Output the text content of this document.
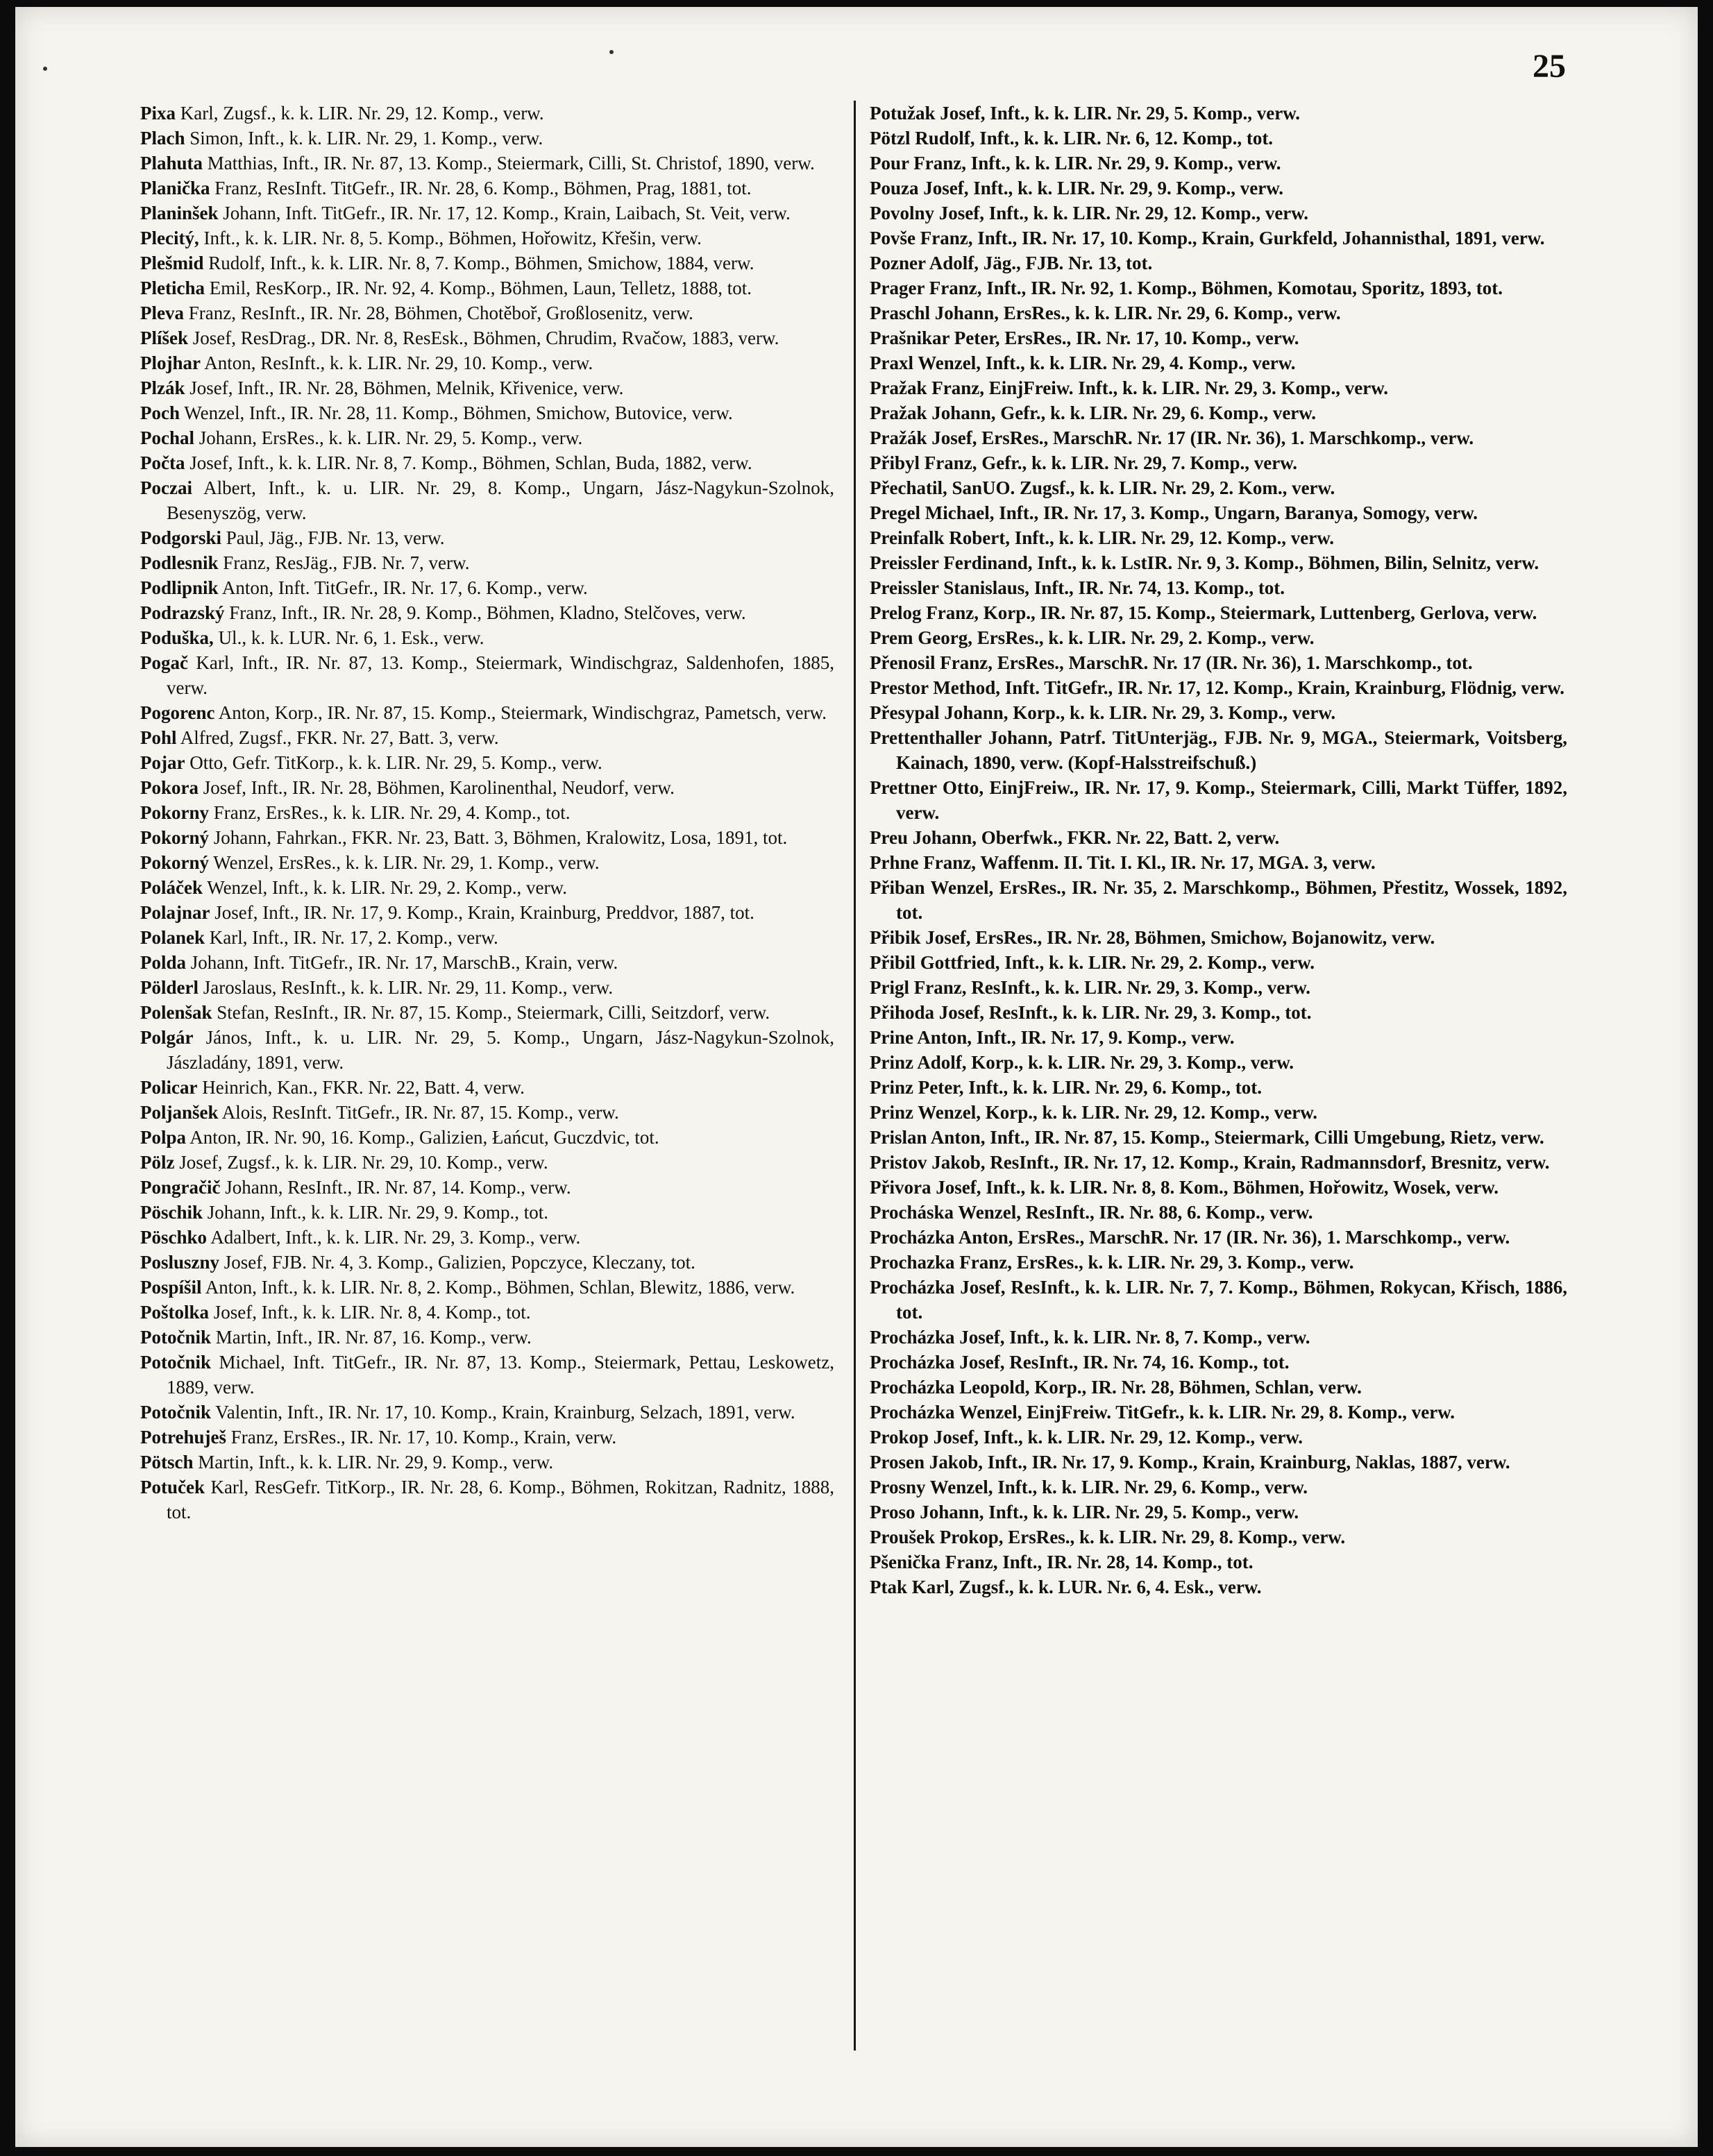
25

Pixa Karl, Zugsf., k. k. LIR. Nr. 29, 12. Komp., verw.

Plach Simon, Inft., k. k. LIR. Nr. 29, 1. Komp., verw.

Plahuta Matthias, Inft., IR. Nr. 87, 13. Komp., Steiermark, Cilli, St. Christof, 1890, verw.

Planička Franz, ResInft. TitGefr., IR. Nr. 28, 6. Komp., Böhmen, Prag, 1881, tot.

Planinšek Johann, Inft. TitGefr., IR. Nr. 17, 12. Komp., Krain, Laibach, St. Veit, verw.

Plecitý, Inft., k. k. LIR. Nr. 8, 5. Komp., Böhmen, Hořowitz, Křešin, verw.

Plešmid Rudolf, Inft., k. k. LIR. Nr. 8, 7. Komp., Böhmen, Smichow, 1884, verw.

Pleticha Emil, ResKorp., IR. Nr. 92, 4. Komp., Böhmen, Laun, Telletz, 1888, tot.

Pleva Franz, ResInft., IR. Nr. 28, Böhmen, Chotěboř, Großlosenitz, verw.

Plíšek Josef, ResDrag., DR. Nr. 8, ResEsk., Böhmen, Chrudim, Rvačow, 1883, verw.

Plojhar Anton, ResInft., k. k. LIR. Nr. 29, 10. Komp., verw.

Plzák Josef, Inft., IR. Nr. 28, Böhmen, Melnik, Křivenice, verw.

Poch Wenzel, Inft., IR. Nr. 28, 11. Komp., Böhmen, Smichow, Butovice, verw.

Pochal Johann, ErsRes., k. k. LIR. Nr. 29, 5. Komp., verw.

Počta Josef, Inft., k. k. LIR. Nr. 8, 7. Komp., Böhmen, Schlan, Buda, 1882, verw.

Poczai Albert, Inft., k. u. LIR. Nr. 29, 8. Komp., Ungarn, Jász-Nagykun-Szolnok, Besenyszög, verw.

Podgorski Paul, Jäg., FJB. Nr. 13, verw.

Podlesnik Franz, ResJäg., FJB. Nr. 7, verw.

Podlipnik Anton, Inft. TitGefr., IR. Nr. 17, 6. Komp., verw.

Podrazský Franz, Inft., IR. Nr. 28, 9. Komp., Böhmen, Kladno, Stelčoves, verw.

Poduška, Ul., k. k. LUR. Nr. 6, 1. Esk., verw.

Pogač Karl, Inft., IR. Nr. 87, 13. Komp., Steiermark, Windischgraz, Saldenhofen, 1885, verw.

Pogorenc Anton, Korp., IR. Nr. 87, 15. Komp., Steiermark, Windischgraz, Pametsch, verw.

Pohl Alfred, Zugsf., FKR. Nr. 27, Batt. 3, verw.

Pojar Otto, Gefr. TitKorp., k. k. LIR. Nr. 29, 5. Komp., verw.

Pokora Josef, Inft., IR. Nr. 28, Böhmen, Karolinenthal, Neudorf, verw.

Pokorny Franz, ErsRes., k. k. LIR. Nr. 29, 4. Komp., tot.

Pokorný Johann, Fahrkan., FKR. Nr. 23, Batt. 3, Böhmen, Kralowitz, Losa, 1891, tot.

Pokorný Wenzel, ErsRes., k. k. LIR. Nr. 29, 1. Komp., verw.

Poláček Wenzel, Inft., k. k. LIR. Nr. 29, 2. Komp., verw.

Polajnar Josef, Inft., IR. Nr. 17, 9. Komp., Krain, Krainburg, Preddvor, 1887, tot.

Polanek Karl, Inft., IR. Nr. 17, 2. Komp., verw.

Polda Johann, Inft. TitGefr., IR. Nr. 17, MarschB., Krain, verw.

Pölderl Jaroslaus, ResInft., k. k. LIR. Nr. 29, 11. Komp., verw.

Polenšak Stefan, ResInft., IR. Nr. 87, 15. Komp., Steiermark, Cilli, Seitzdorf, verw.

Polgár János, Inft., k. u. LIR. Nr. 29, 5. Komp., Ungarn, Jász-Nagykun-Szolnok, Jászladány, 1891, verw.

Policar Heinrich, Kan., FKR. Nr. 22, Batt. 4, verw.

Poljanšek Alois, ResInft. TitGefr., IR. Nr. 87, 15. Komp., verw.

Polpa Anton, IR. Nr. 90, 16. Komp., Galizien, Łańcut, Guczdvic, tot.

Pölz Josef, Zugsf., k. k. LIR. Nr. 29, 10. Komp., verw.

Pongračič Johann, ResInft., IR. Nr. 87, 14. Komp., verw.

Pöschik Johann, Inft., k. k. LIR. Nr. 29, 9. Komp., tot.

Pöschko Adalbert, Inft., k. k. LIR. Nr. 29, 3. Komp., verw.

Posluszny Josef, FJB. Nr. 4, 3. Komp., Galizien, Popczyce, Kleczany, tot.

Pospíšil Anton, Inft., k. k. LIR. Nr. 8, 2. Komp., Böhmen, Schlan, Blewitz, 1886, verw.

Poštolka Josef, Inft., k. k. LIR. Nr. 8, 4. Komp., tot.

Potočnik Martin, Inft., IR. Nr. 87, 16. Komp., verw.

Potočnik Michael, Inft. TitGefr., IR. Nr. 87, 13. Komp., Steiermark, Pettau, Leskowetz, 1889, verw.

Potočnik Valentin, Inft., IR. Nr. 17, 10. Komp., Krain, Krainburg, Selzach, 1891, verw.

Potrehuješ Franz, ErsRes., IR. Nr. 17, 10. Komp., Krain, verw.

Pötsch Martin, Inft., k. k. LIR. Nr. 29, 9. Komp., verw.

Potuček Karl, ResGefr. TitKorp., IR. Nr. 28, 6. Komp., Böhmen, Rokitzan, Radnitz, 1888, tot.

Potužak Josef, Inft., k. k. LIR. Nr. 29, 5. Komp., verw.

Pötzl Rudolf, Inft., k. k. LIR. Nr. 6, 12. Komp., tot.

Pour Franz, Inft., k. k. LIR. Nr. 29, 9. Komp., verw.

Pouza Josef, Inft., k. k. LIR. Nr. 29, 9. Komp., verw.

Povolny Josef, Inft., k. k. LIR. Nr. 29, 12. Komp., verw.

Povše Franz, Inft., IR. Nr. 17, 10. Komp., Krain, Gurkfeld, Johannisthal, 1891, verw.

Pozner Adolf, Jäg., FJB. Nr. 13, tot.

Prager Franz, Inft., IR. Nr. 92, 1. Komp., Böhmen, Komotau, Sporitz, 1893, tot.

Praschl Johann, ErsRes., k. k. LIR. Nr. 29, 6. Komp., verw.

Prašnikar Peter, ErsRes., IR. Nr. 17, 10. Komp., verw.

Praxl Wenzel, Inft., k. k. LIR. Nr. 29, 4. Komp., verw.

Pražak Franz, EinjFreiw. Inft., k. k. LIR. Nr. 29, 3. Komp., verw.

Pražak Johann, Gefr., k. k. LIR. Nr. 29, 6. Komp., verw.

Pražák Josef, ErsRes., MarschR. Nr. 17 (IR. Nr. 36), 1. Marschkomp., verw.

Přibyl Franz, Gefr., k. k. LIR. Nr. 29, 7. Komp., verw.

Přechatil, SanUO. Zugsf., k. k. LIR. Nr. 29, 2. Kom., verw.

Pregel Michael, Inft., IR. Nr. 17, 3. Komp., Ungarn, Baranya, Somogy, verw.

Preinfalk Robert, Inft., k. k. LIR. Nr. 29, 12. Komp., verw.

Preissler Ferdinand, Inft., k. k. LstIR. Nr. 9, 3. Komp., Böhmen, Bilin, Selnitz, verw.

Preissler Stanislaus, Inft., IR. Nr. 74, 13. Komp., tot.

Prelog Franz, Korp., IR. Nr. 87, 15. Komp., Steiermark, Luttenberg, Gerlova, verw.

Prem Georg, ErsRes., k. k. LIR. Nr. 29, 2. Komp., verw.

Přenosil Franz, ErsRes., MarschR. Nr. 17 (IR. Nr. 36), 1. Marschkomp., tot.

Prestor Method, Inft. TitGefr., IR. Nr. 17, 12. Komp., Krain, Krainburg, Flödnig, verw.

Přesypal Johann, Korp., k. k. LIR. Nr. 29, 3. Komp., verw.

Prettenthaller Johann, Patrf. TitUnterjäg., FJB. Nr. 9, MGA., Steiermark, Voitsberg, Kainach, 1890, verw. (Kopf-Halsstreifschuß.)

Prettner Otto, EinjFreiw., IR. Nr. 17, 9. Komp., Steiermark, Cilli, Markt Tüffer, 1892, verw.

Preu Johann, Oberfwk., FKR. Nr. 22, Batt. 2, verw.

Prhne Franz, Waffenm. II. Tit. I. Kl., IR. Nr. 17, MGA. 3, verw.

Přiban Wenzel, ErsRes., IR. Nr. 35, 2. Marschkomp., Böhmen, Přestitz, Wossek, 1892, tot.

Přibik Josef, ErsRes., IR. Nr. 28, Böhmen, Smichow, Bojanowitz, verw.

Přibil Gottfried, Inft., k. k. LIR. Nr. 29, 2. Komp., verw.

Prigl Franz, ResInft., k. k. LIR. Nr. 29, 3. Komp., verw.

Přihoda Josef, ResInft., k. k. LIR. Nr. 29, 3. Komp., tot.

Prine Anton, Inft., IR. Nr. 17, 9. Komp., verw.

Prinz Adolf, Korp., k. k. LIR. Nr. 29, 3. Komp., verw.

Prinz Peter, Inft., k. k. LIR. Nr. 29, 6. Komp., tot.

Prinz Wenzel, Korp., k. k. LIR. Nr. 29, 12. Komp., verw.

Prislan Anton, Inft., IR. Nr. 87, 15. Komp., Steiermark, Cilli Umgebung, Rietz, verw.

Pristov Jakob, ResInft., IR. Nr. 17, 12. Komp., Krain, Radmannsdorf, Bresnitz, verw.

Přivora Josef, Inft., k. k. LIR. Nr. 8, 8. Kom., Böhmen, Hořowitz, Wosek, verw.

Procháska Wenzel, ResInft., IR. Nr. 88, 6. Komp., verw.

Procházka Anton, ErsRes., MarschR. Nr. 17 (IR. Nr. 36), 1. Marschkomp., verw.

Prochazka Franz, ErsRes., k. k. LIR. Nr. 29, 3. Komp., verw.

Procházka Josef, ResInft., k. k. LIR. Nr. 7, 7. Komp., Böhmen, Rokycan, Křisch, 1886, tot.

Procházka Josef, Inft., k. k. LIR. Nr. 8, 7. Komp., verw.

Procházka Josef, ResInft., IR. Nr. 74, 16. Komp., tot.

Procházka Leopold, Korp., IR. Nr. 28, Böhmen, Schlan, verw.

Procházka Wenzel, EinjFreiw. TitGefr., k. k. LIR. Nr. 29, 8. Komp., verw.

Prokop Josef, Inft., k. k. LIR. Nr. 29, 12. Komp., verw.

Prosen Jakob, Inft., IR. Nr. 17, 9. Komp., Krain, Krainburg, Naklas, 1887, verw.

Prosny Wenzel, Inft., k. k. LIR. Nr. 29, 6. Komp., verw.

Proso Johann, Inft., k. k. LIR. Nr. 29, 5. Komp., verw.

Proušek Prokop, ErsRes., k. k. LIR. Nr. 29, 8. Komp., verw.

Pšenička Franz, Inft., IR. Nr. 28, 14. Komp., tot.

Ptak Karl, Zugsf., k. k. LUR. Nr. 6, 4. Esk., verw.
